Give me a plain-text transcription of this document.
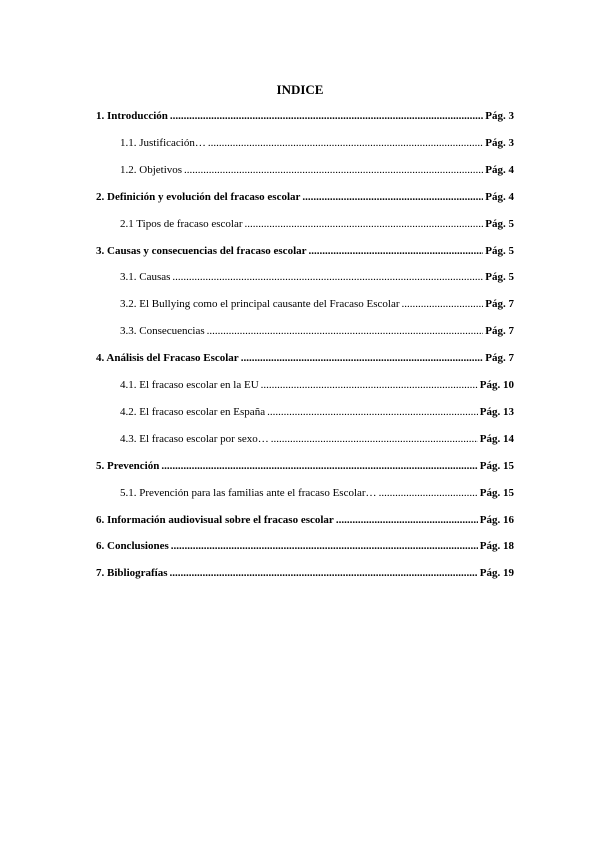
INDICE
1. Introducción .....	Pág. 3
1.1. Justificación… .....	Pág. 3
1.2. Objetivos .....	Pág. 4
2. Definición y evolución del fracaso escolar .....	Pág. 4
2.1 Tipos de fracaso escolar .....	Pág. 5
3. Causas y consecuencias del fracaso escolar .....	Pág. 5
3.1. Causas .....	Pág. 5
3.2. El Bullying como el principal causante del Fracaso Escolar .....	Pág. 7
3.3. Consecuencias .....	Pág. 7
4. Análisis del Fracaso Escolar .....	Pág. 7
4.1. El fracaso escolar en la EU .....	Pág. 10
4.2. El fracaso escolar en España .....	Pág. 13
4.3. El fracaso escolar por sexo… .....	Pág. 14
5. Prevención .....	Pág. 15
5.1. Prevención para las familias ante el fracaso Escolar… .....	Pág. 15
6. Información audiovisual sobre el fracaso escolar .....	Pág. 16
6. Conclusiones .....	Pág. 18
7. Bibliografías .....	Pág. 19
